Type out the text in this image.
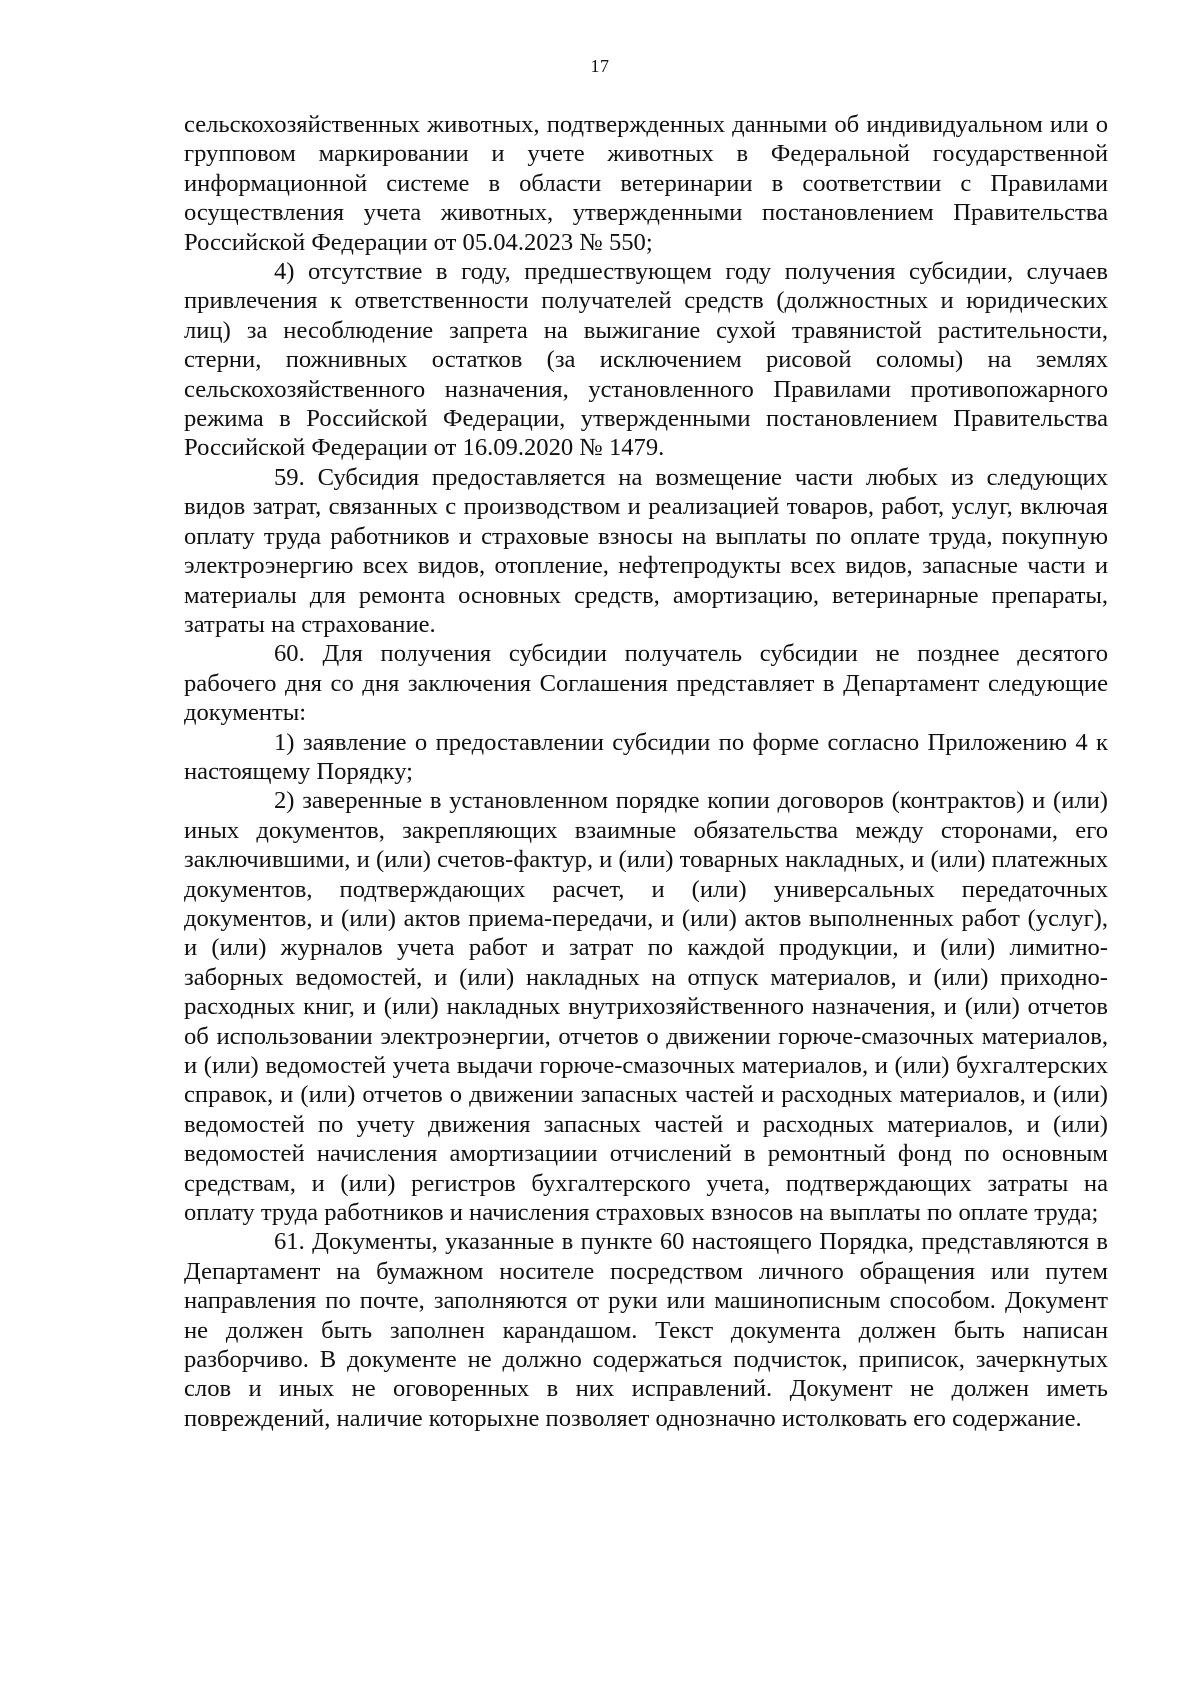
17

сельскохозяйственных животных, подтвержденных данными об индивидуальном или о групповом маркировании и учете животных в Федеральной государственной информационной системе в области ветеринарии в соответствии с Правилами осуществления учета животных, утвержденными постановлением Правительства Российской Федерации от 05.04.2023 № 550;

4) отсутствие в году, предшествующем году получения субсидии, случаев привлечения к ответственности получателей средств (должностных и юридических лиц) за несоблюдение запрета на выжигание сухой травянистой растительности, стерни, пожнивных остатков (за исключением рисовой соломы) на землях сельскохозяйственного назначения, установленного Правилами противопожарного режима в Российской Федерации, утвержденными постановлением Правительства Российской Федерации от 16.09.2020 № 1479.

59. Субсидия предоставляется на возмещение части любых из следующих видов затрат, связанных с производством и реализацией товаров, работ, услуг, включая оплату труда работников и страховые взносы на выплаты по оплате труда, покупную электроэнергию всех видов, отопление, нефтепродукты всех видов, запасные части и материалы для ремонта основных средств, амортизацию, ветеринарные препараты, затраты на страхование.

60. Для получения субсидии получатель субсидии не позднее десятого рабочего дня со дня заключения Соглашения представляет в Департамент следующие документы:

1) заявление о предоставлении субсидии по форме согласно Приложению 4 к настоящему Порядку;

2) заверенные в установленном порядке копии договоров (контрактов) и (или) иных документов, закрепляющих взаимные обязательства между сторонами, его заключившими, и (или) счетов-фактур, и (или) товарных накладных, и (или) платежных документов, подтверждающих расчет, и (или) универсальных передаточных документов, и (или) актов приема-передачи, и (или) актов выполненных работ (услуг), и (или) журналов учета работ и затрат по каждой продукции, и (или) лимитно-заборных ведомостей, и (или) накладных на отпуск материалов, и (или) приходно-расходных книг, и (или) накладных внутрихозяйственного назначения, и (или) отчетов об использовании электроэнергии, отчетов о движении горюче-смазочных материалов, и (или) ведомостей учета выдачи горюче-смазочных материалов, и (или) бухгалтерских справок, и (или) отчетов о движении запасных частей и расходных материалов, и (или) ведомостей по учету движения запасных частей и расходных материалов, и (или) ведомостей начисления амортизациии отчислений в ремонтный фонд по основным средствам, и (или) регистров бухгалтерского учета, подтверждающих затраты на оплату труда работников и начисления страховых взносов на выплаты по оплате труда;

61. Документы, указанные в пункте 60 настоящего Порядка, представляются в Департамент на бумажном носителе посредством личного обращения или путем направления по почте, заполняются от руки или машинописным способом. Документ не должен быть заполнен карандашом. Текст документа должен быть написан разборчиво. В документе не должно содержаться подчисток, приписок, зачеркнутых слов и иных не оговоренных в них исправлений. Документ не должен иметь повреждений, наличие которыхне позволяет однозначно истолковать его содержание.
